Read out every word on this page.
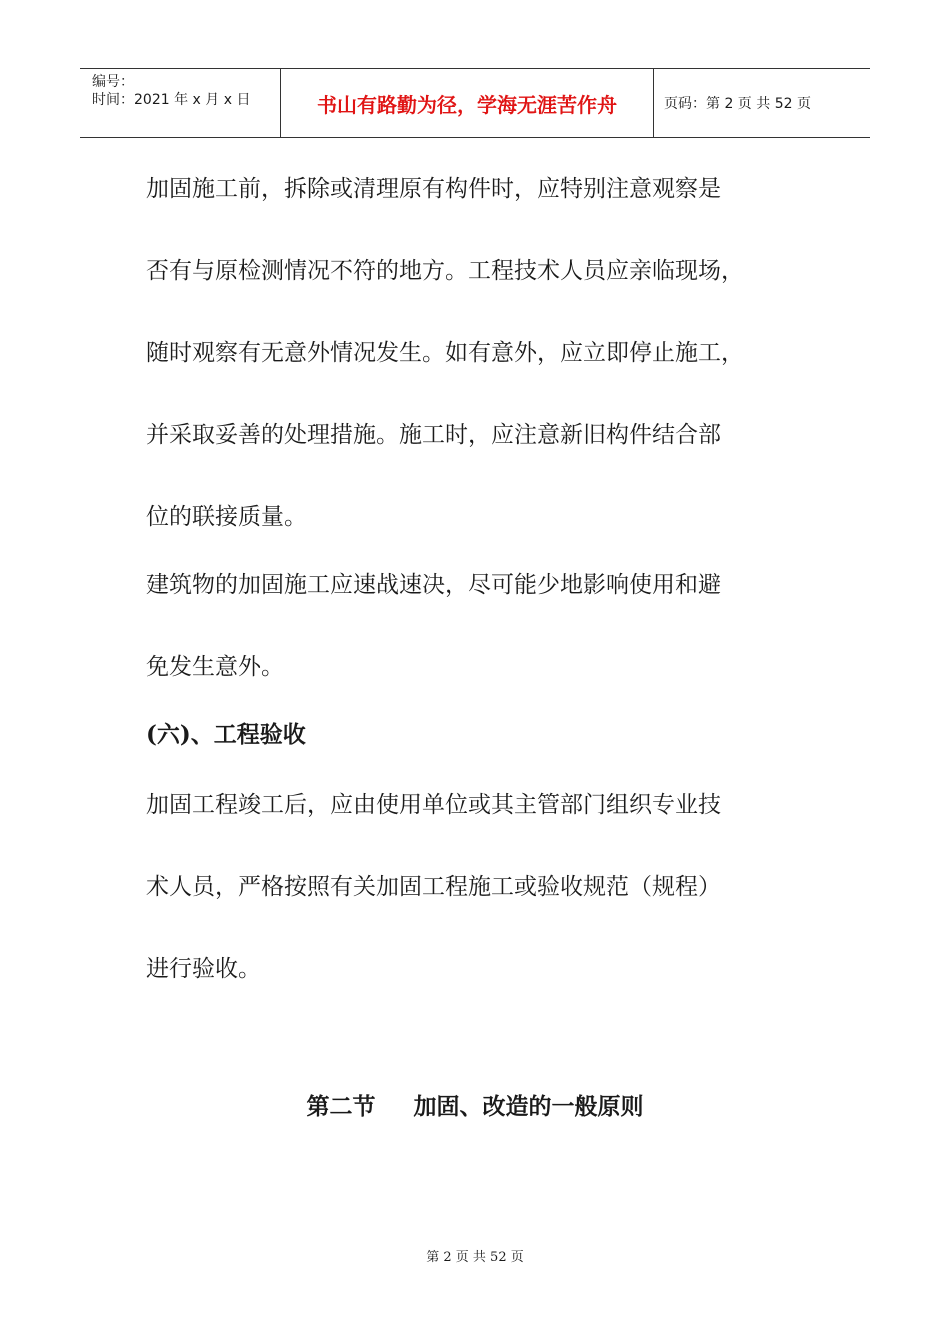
编号：
时间：2021 年 x 月 x 日	书山有路勤为径，学海无涯苦作舟	页码：第 2 页 共 52 页
加固施工前，拆除或清理原有构件时，应特别注意观察是
否有与原检测情况不符的地方。工程技术人员应亲临现场，
随时观察有无意外情况发生。如有意外，应立即停止施工，
并采取妥善的处理措施。施工时，应注意新旧构件结合部
位的联接质量。
建筑物的加固施工应速战速决，尽可能少地影响使用和避
免发生意外。
(六)、工程验收
加固工程竣工后，应由使用单位或其主管部门组织专业技
术人员，严格按照有关加固工程施工或验收规范（规程）
进行验收。
第二节 加固、改造的一般原则
第 2 页 共 52 页
